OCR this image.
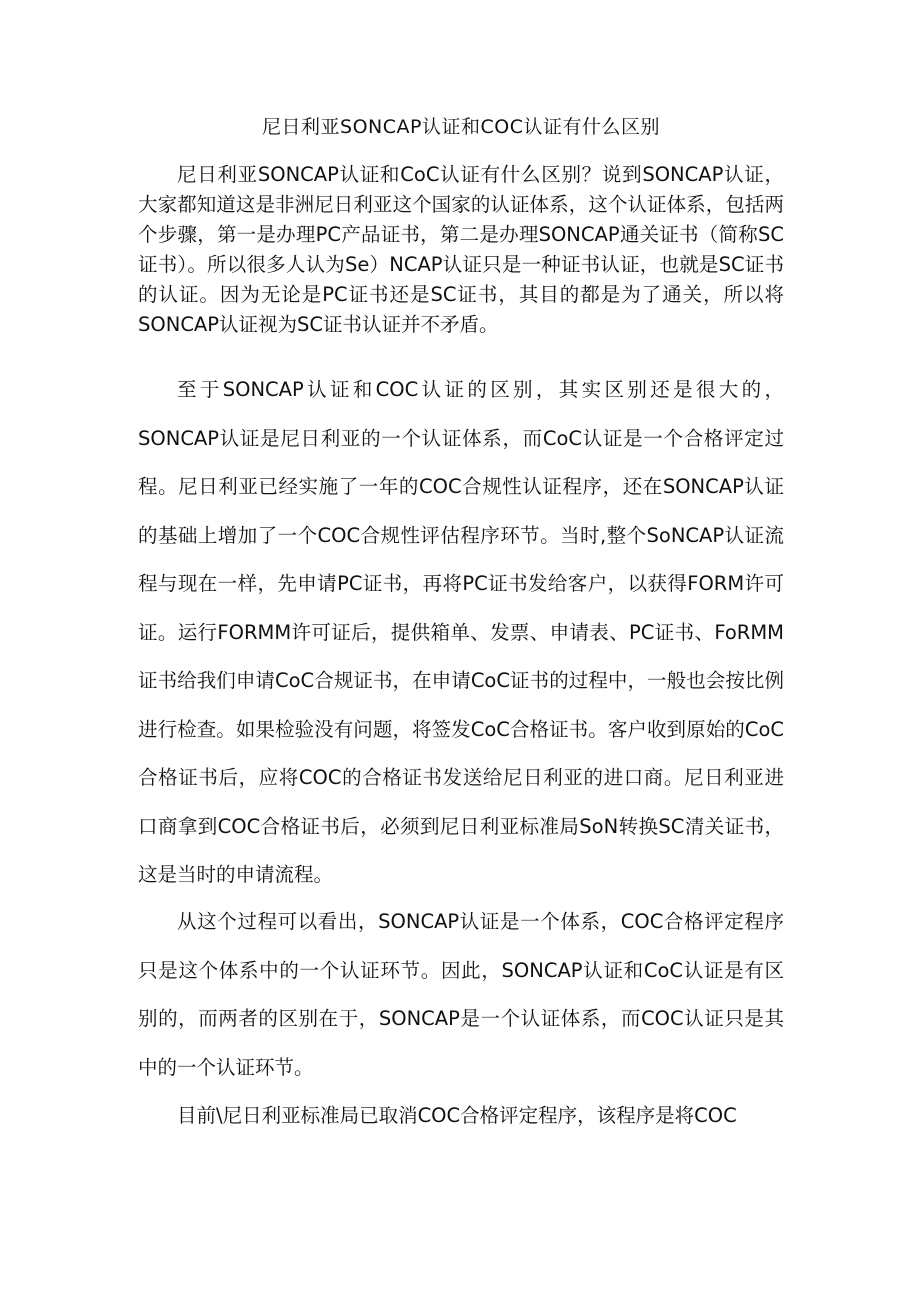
尼日利亚SONCAP认证和COC认证有什么区别

尼日利亚SONCAP认证和CoC认证有什么区别？说到SONCAP认证，大家都知道这是非洲尼日利亚这个国家的认证体系，这个认证体系，包括两个步骤，第一是办理PC产品证书，第二是办理SONCAP通关证书（简称SC证书）。所以很多人认为Se）NCAP认证只是一种证书认证，也就是SC证书的认证。因为无论是PC证书还是SC证书，其目的都是为了通关，所以将SONCAP认证视为SC证书认证并不矛盾。

至于SONCAP认证和COC认证的区别，其实区别还是很大的，SONCAP认证是尼日利亚的一个认证体系，而CoC认证是一个合格评定过程。尼日利亚已经实施了一年的COC合规性认证程序，还在SONCAP认证的基础上增加了一个COC合规性评估程序环节。当时,整个SoNCAP认证流程与现在一样，先申请PC证书，再将PC证书发给客户，以获得FORM许可证。运行FORMM许可证后，提供箱单、发票、申请表、PC证书、FoRMM证书给我们申请CoC合规证书，在申请CoC证书的过程中，一般也会按比例进行检查。如果检验没有问题，将签发CoC合格证书。客户收到原始的CoC合格证书后，应将COC的合格证书发送给尼日利亚的进口商。尼日利亚进口商拿到COC合格证书后，必须到尼日利亚标准局SoN转换SC清关证书，这是当时的申请流程。

从这个过程可以看出，SONCAP认证是一个体系，COC合格评定程序只是这个体系中的一个认证环节。因此，SONCAP认证和CoC认证是有区别的，而两者的区别在于，SONCAP是一个认证体系，而COC认证只是其中的一个认证环节。

目前\尼日利亚标准局已取消COC合格评定程序，该程序是将COC
